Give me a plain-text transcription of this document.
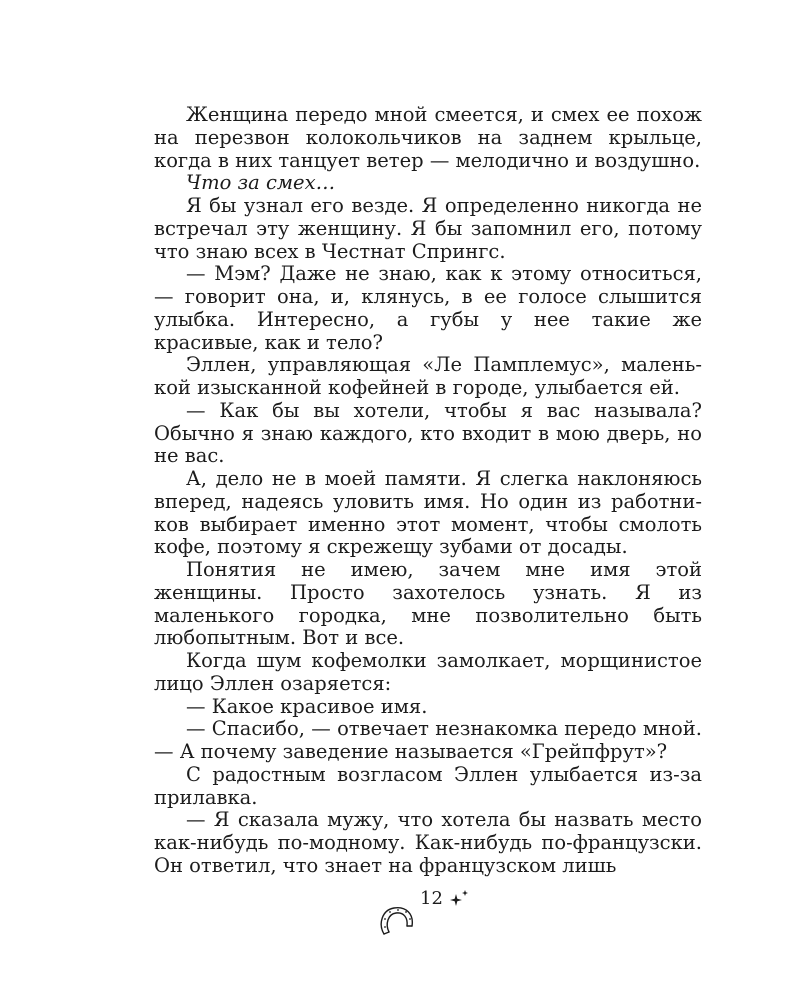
Женщина передо мной смеется, и смех ее похож на перезвон колокольчиков на заднем крыльце, когда в них танцует ветер — мелодично и воздушно.

Что за смех…

Я бы узнал его везде. Я определенно никогда не встречал эту женщину. Я бы запомнил его, потому что знаю всех в Честнат Спрингс.

— Мэм? Даже не знаю, как к этому относиться, — говорит она, и, клянусь, в ее голосе слышится улыбка. Интересно, а губы у нее такие же красивые, как и тело?

Эллен, управляющая «Ле Памплемус», маленькой изысканной кофейней в городе, улыбается ей.

— Как бы вы хотели, чтобы я вас называла? Обычно я знаю каждого, кто входит в мою дверь, но не вас.

А, дело не в моей памяти. Я слегка наклоняюсь вперед, надеясь уловить имя. Но один из работников выбирает именно этот момент, чтобы смолоть кофе, поэтому я скрежещу зубами от досады.

Понятия не имею, зачем мне имя этой женщины. Просто захотелось узнать. Я из маленького городка, мне позволительно быть любопытным. Вот и все.

Когда шум кофемолки замолкает, морщинистое лицо Эллен озаряется:

— Какое красивое имя.

— Спасибо, — отвечает незнакомка передо мной. — А почему заведение называется «Грейпфрут»?

С радостным возгласом Эллен улыбается из-за прилавка.

— Я сказала мужу, что хотела бы назвать место как-нибудь по-модному. Как-нибудь по-французски. Он ответил, что знает на французском лишь

12
